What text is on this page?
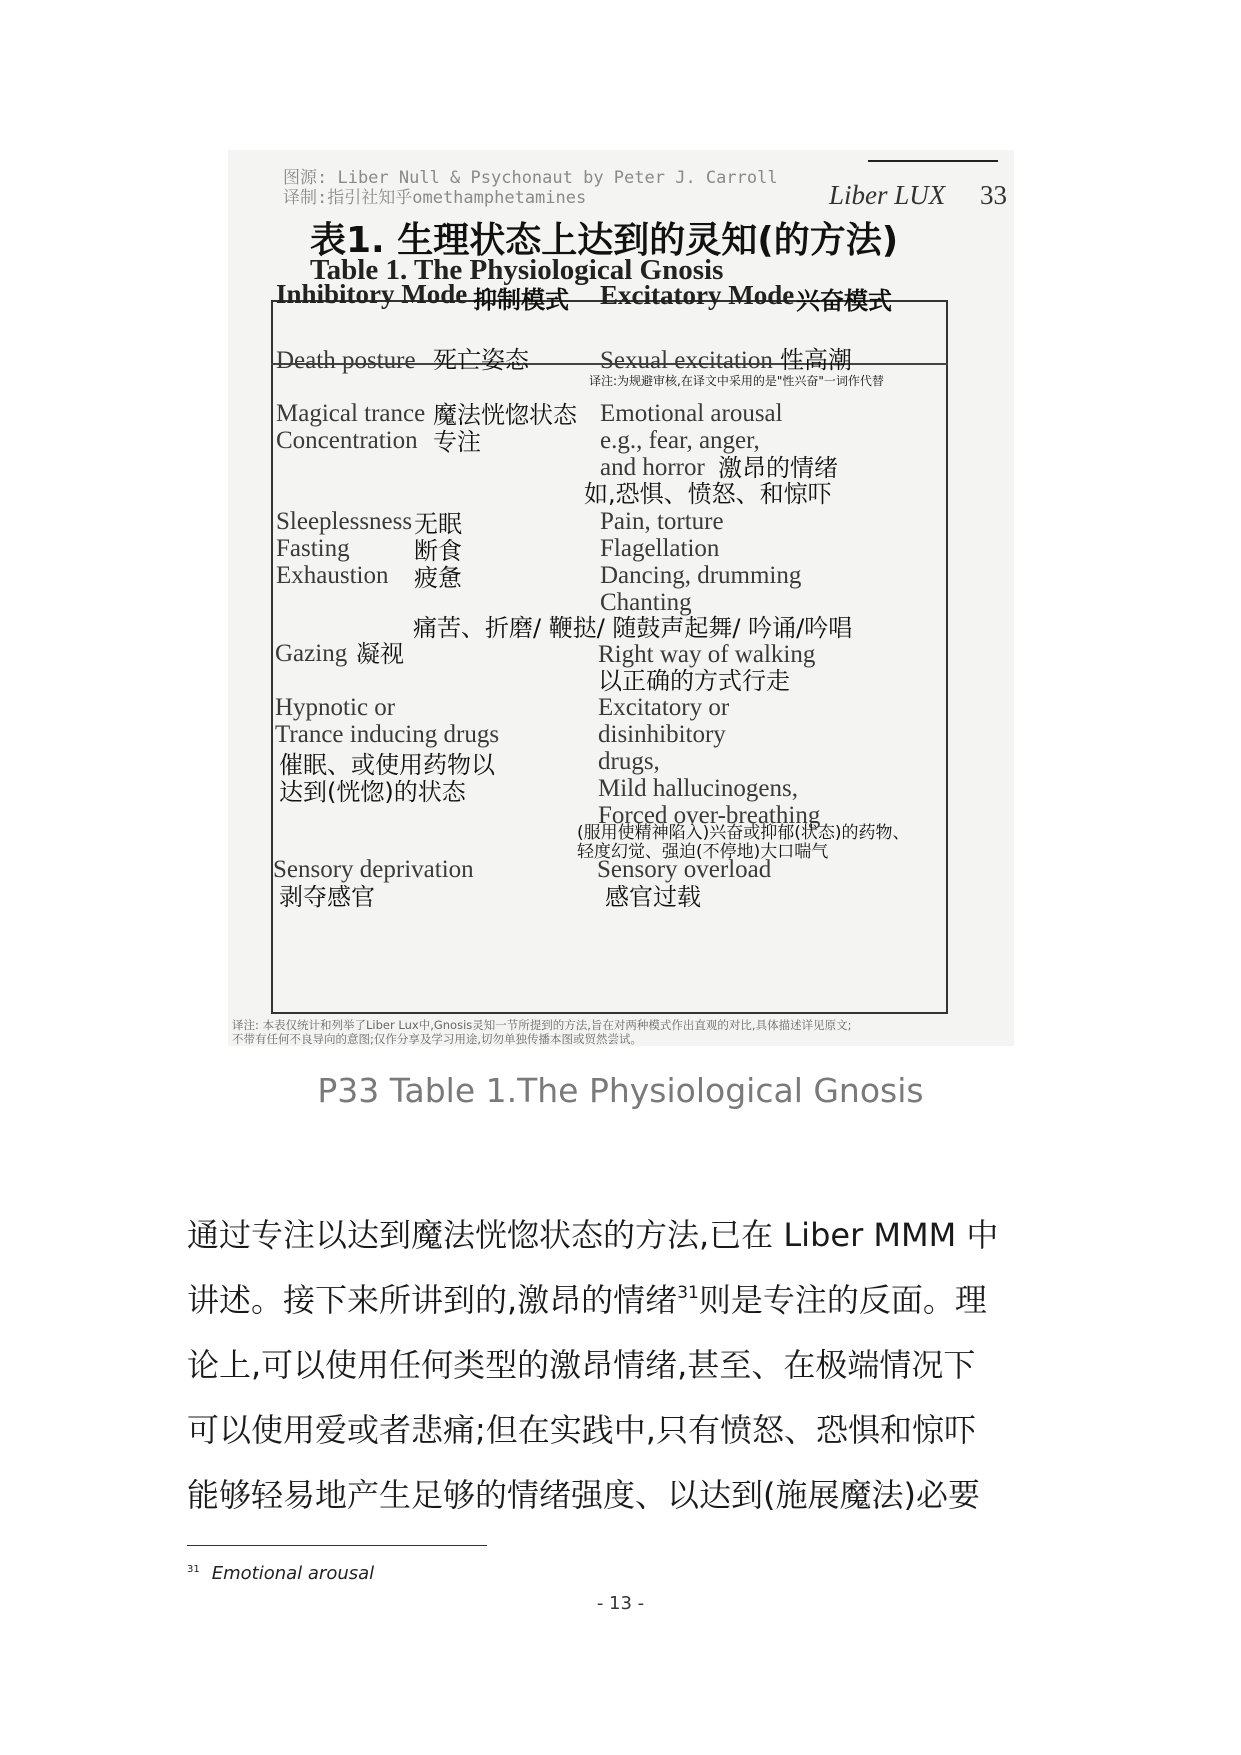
图源: Liber Null & Psychonaut by Peter J. Carroll
译制:指引社知乎omethamphetamines	Liber LUX 33
表1. 生理状态上达到的灵知(的方法)
Table 1. The Physiological Gnosis
Inhibitory Mode 抑制模式 Excitatory Mode 兴奋模式
Death posture 死亡姿态
Magical trance 魔法恍惚状态
Concentration 专注
Sleeplessness 无眠
Fasting	断食
Exhaustion 疲惫
Gazing 凝视
Hypnotic or
Trance inducing drugs
催眠、或使用药物以
达到(恍惚)的状态
Sensory deprivation
剥夺感官
Sexual excitation 性高潮
译注:为规避审核,在译文中采用的是"性兴奋"一词作代替
Emotional arousal
e.g., fear, anger,
and horror 激昂的情绪
如,恐惧、愤怒、和惊吓
Pain, torture
Flagellation
Dancing, drumming
Chanting
痛苦、折磨/ 鞭挞/ 随鼓声起舞/ 吟诵/吟唱
Right way of walking
以正确的方式行走
Excitatory or
disinhibitory
drugs,
Mild hallucinogens,
Forced over-breathing
(服用使精神陷入)兴奋或抑郁(状态)的药物、
轻度幻觉、强迫(不停地)大口喘气
Sensory overload
感官过载
译注: 本表仅统计和列举了Liber Lux中,Gnosis灵知一节所提到的方法,旨在对两种模式作出直观的对比,具体描述详见原文;
不带有任何不良导向的意图;仅作分享及学习用途,切勿单独传播本图或贸然尝试。
P33 Table 1.The Physiological Gnosis

通过专注以达到魔法恍惚状态的方法,已在 Liber MMM 中

讲述。接下来所讲到的,激昂的情绪$^{31}$则是专注的反面。理

论上,可以使用任何类型的激昂情绪,甚至、在极端情况下

可以使用爱或者悲痛;但在实践中,只有愤怒、恐惧和惊吓

能够轻易地产生足够的情绪强度、以达到(施展魔法)必要

$^{31}$ Emotional arousal
- 13 -
